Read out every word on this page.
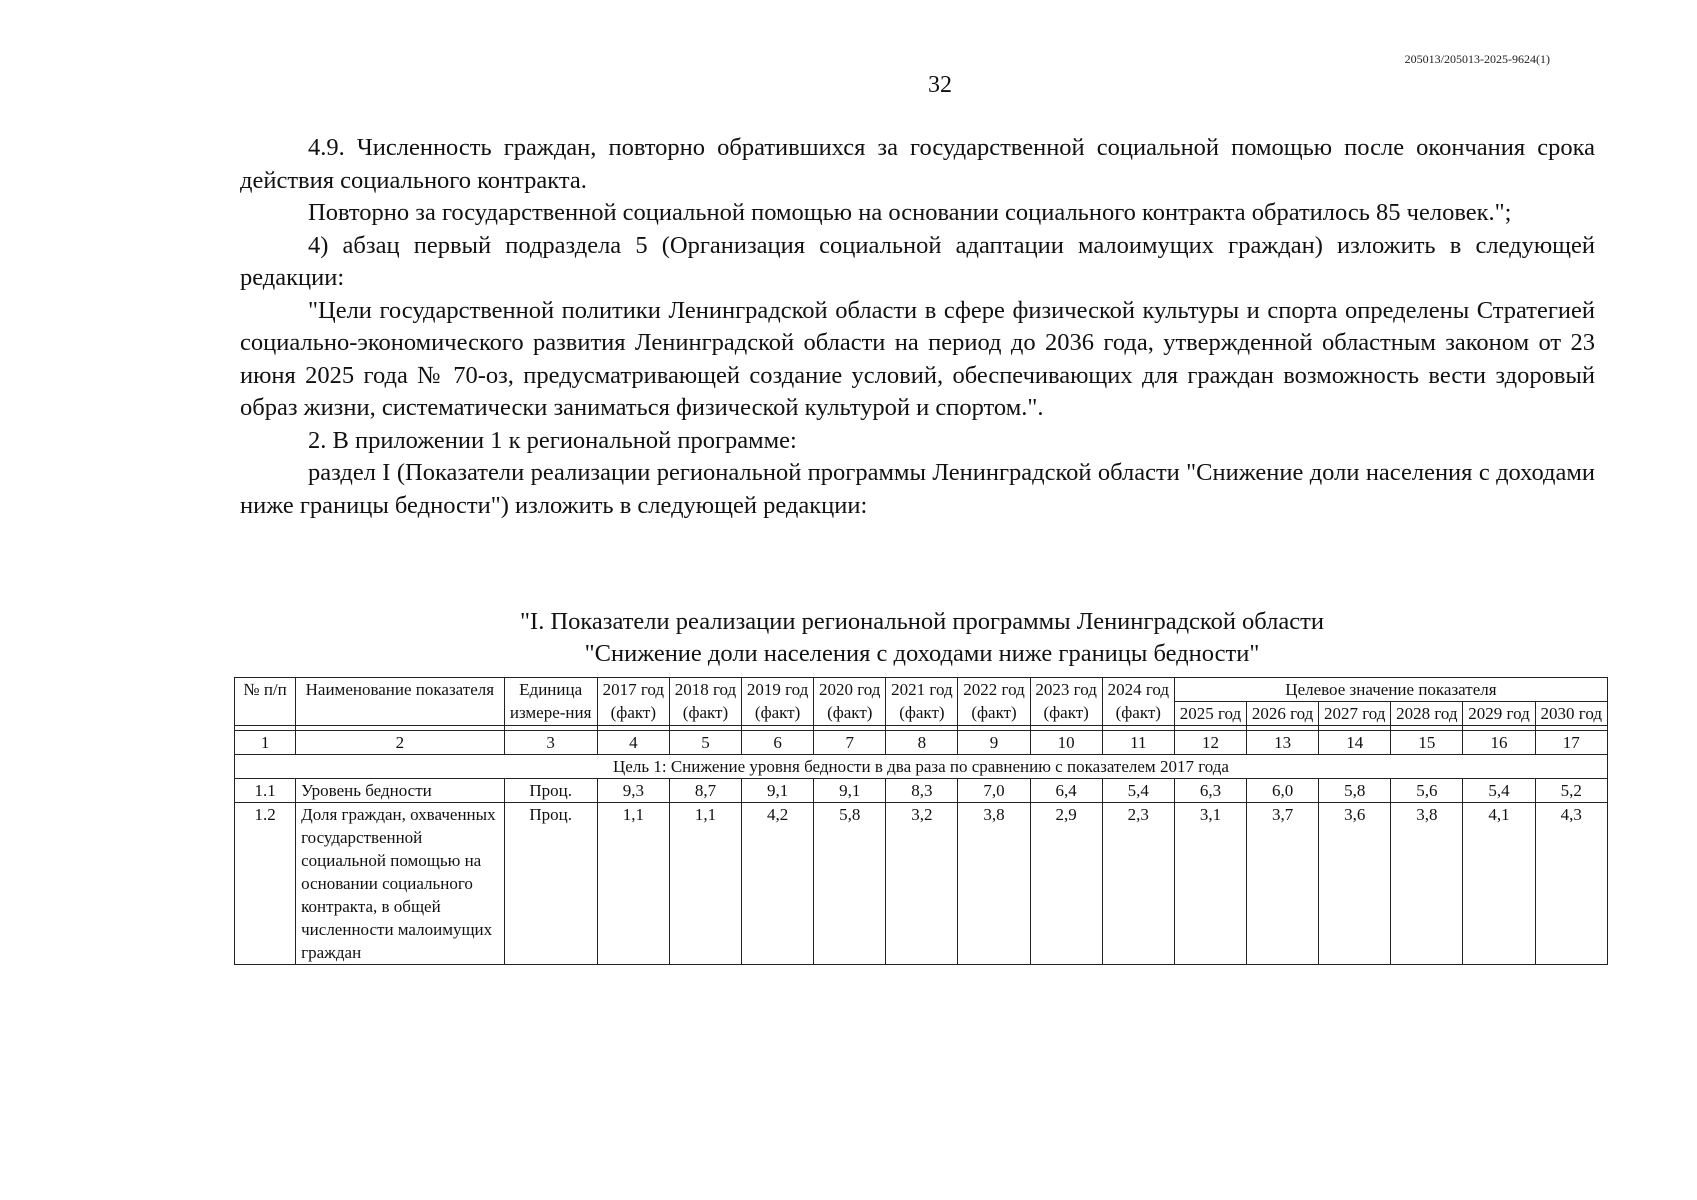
205013/205013-2025-9624(1)
32

4.9. Численность граждан, повторно обратившихся за государственной социальной помощью после окончания срока действия социального контракта.

Повторно за государственной социальной помощью на основании социального контракта обратилось 85 человек.";

4) абзац первый подраздела 5 (Организация социальной адаптации малоимущих граждан) изложить в следующей редакции:

"Цели государственной политики Ленинградской области в сфере физической культуры и спорта определены Стратегией социально-экономического развития Ленинградской области на период до 2036 года, утвержденной областным законом от 23 июня 2025 года № 70-оз, предусматривающей создание условий, обеспечивающих для граждан возможность вести здоровый образ жизни, систематически заниматься физической культурой и спортом.".

2. В приложении 1 к региональной программе:

раздел I (Показатели реализации региональной программы Ленинградской области "Снижение доли населения с доходами ниже границы бедности") изложить в следующей редакции:

"I. Показатели реализации региональной программы Ленинградской области
"Снижение доли населения с доходами ниже границы бедности"
№ п/п	Наименование показателя	Единица измере-ния	2017 год (факт)	2018 год (факт)	2019 год (факт)	2020 год (факт)	2021 год (факт)	2022 год (факт)	2023 год (факт)	2024 год (факт)	Целевое значение показателя					
											2025 год	2026 год	2027 год	2028 год	2029 год	2030 год

1	2	3	4	5	6	7	8	9	10	11	12	13	14	15	16	17
Цель 1: Снижение уровня бедности в два раза по сравнению с показателем 2017 года																
1.1	Уровень бедности	Проц.	9,3	8,7	9,1	9,1	8,3	7,0	6,4	5,4	6,3	6,0	5,8	5,6	5,4	5,2
1.2	Доля граждан, охваченных государственной социальной помощью на основании социального контракта, в общей численности малоимущих граждан	Проц.	1,1	1,1	4,2	5,8	3,2	3,8	2,9	2,3	3,1	3,7	3,6	3,8	4,1	4,3
